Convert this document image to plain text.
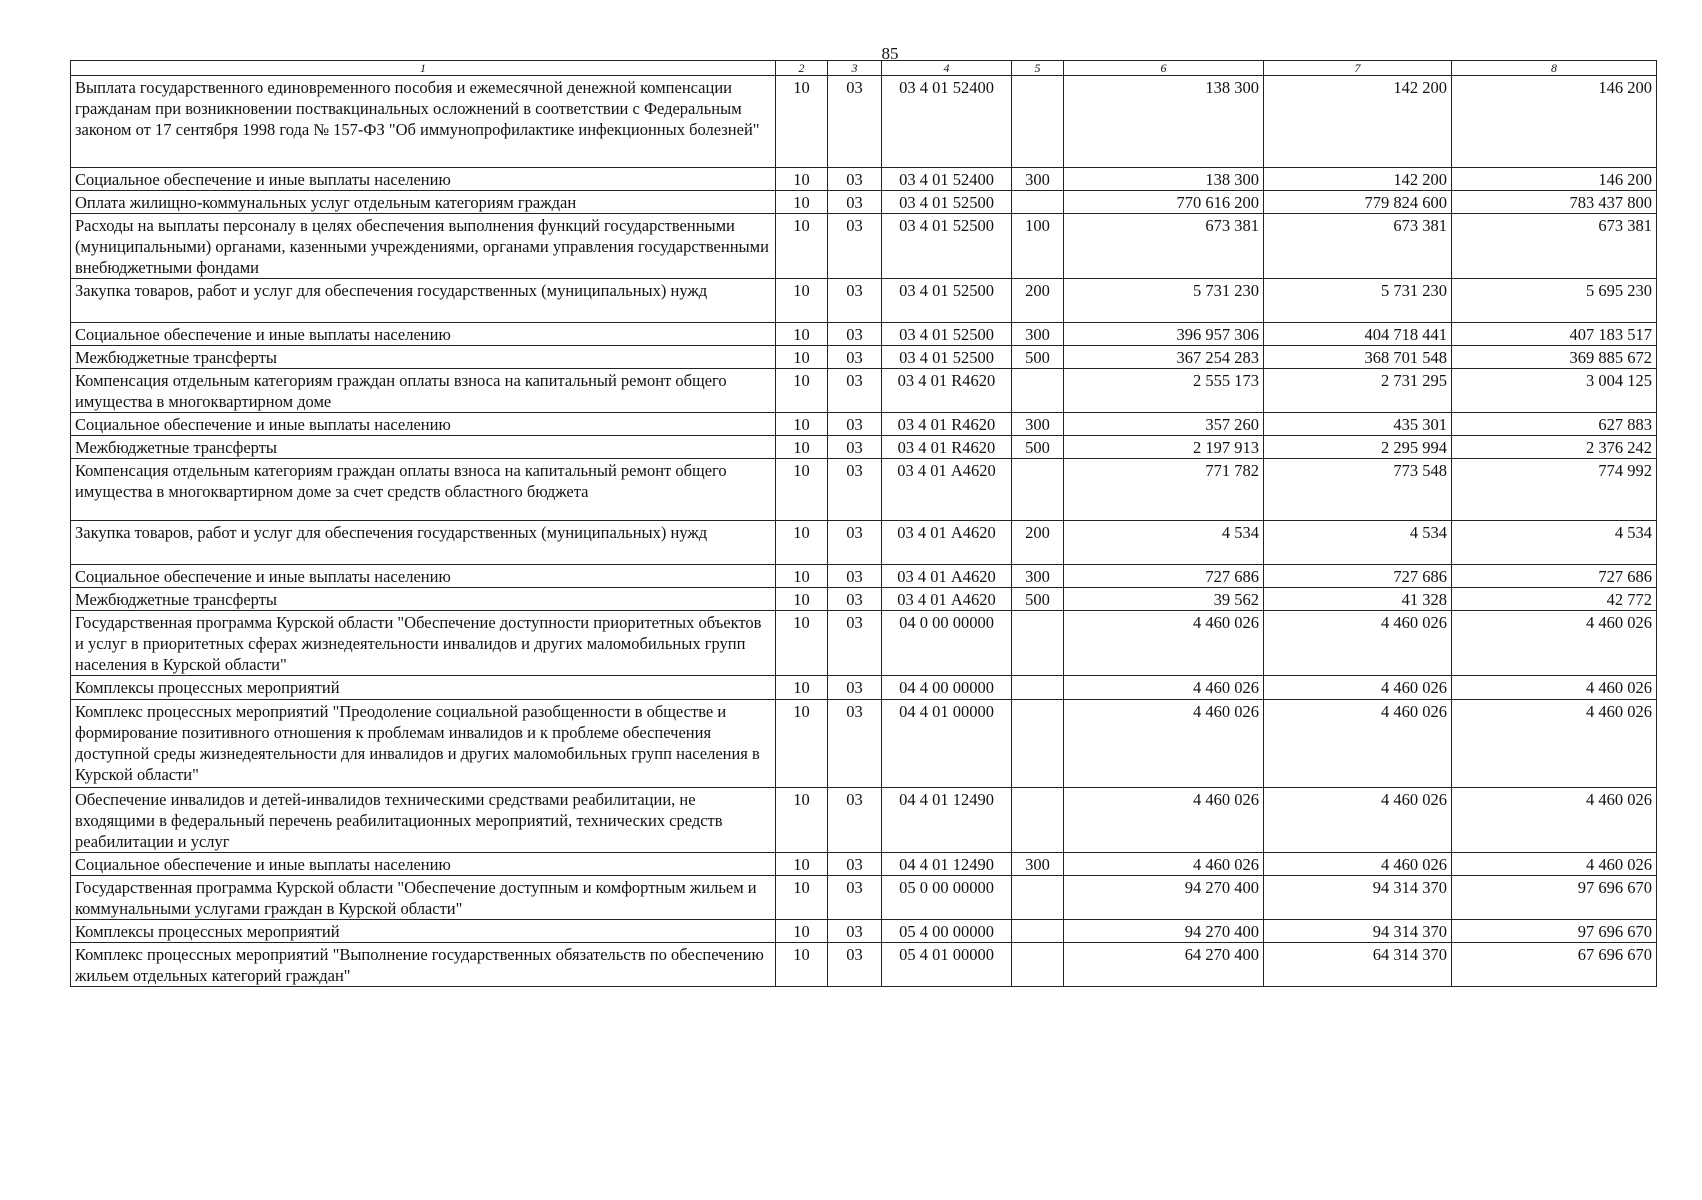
85
1	2	3	4	5	6	7	8
Выплата государственного единовременного пособия и ежемесячной денежной компенсации гражданам при возникновении поствакцинальных осложнений в соответствии с Федеральным законом от 17 сентября 1998 года № 157-ФЗ "Об иммунопрофилактике инфекционных болезней"	10	03	03 4 01 52400		138 300	142 200	146 200
Социальное обеспечение и иные выплаты населению	10	03	03 4 01 52400	300	138 300	142 200	146 200
Оплата жилищно-коммунальных услуг отдельным категориям граждан	10	03	03 4 01 52500		770 616 200	779 824 600	783 437 800
Расходы на выплаты персоналу в целях обеспечения выполнения функций государственными (муниципальными) органами, казенными учреждениями, органами управления государственными внебюджетными фондами	10	03	03 4 01 52500	100	673 381	673 381	673 381
Закупка товаров, работ и услуг для обеспечения государственных (муниципальных) нужд	10	03	03 4 01 52500	200	5 731 230	5 731 230	5 695 230
Социальное обеспечение и иные выплаты населению	10	03	03 4 01 52500	300	396 957 306	404 718 441	407 183 517
Межбюджетные трансферты	10	03	03 4 01 52500	500	367 254 283	368 701 548	369 885 672
Компенсация отдельным категориям граждан оплаты взноса на капитальный ремонт общего имущества в многоквартирном доме	10	03	03 4 01 R4620		2 555 173	2 731 295	3 004 125
Социальное обеспечение и иные выплаты населению	10	03	03 4 01 R4620	300	357 260	435 301	627 883
Межбюджетные трансферты	10	03	03 4 01 R4620	500	2 197 913	2 295 994	2 376 242
Компенсация отдельным категориям граждан оплаты взноса на капитальный ремонт общего имущества в многоквартирном доме за счет средств областного бюджета	10	03	03 4 01 А4620		771 782	773 548	774 992
Закупка товаров, работ и услуг для обеспечения государственных (муниципальных) нужд	10	03	03 4 01 А4620	200	4 534	4 534	4 534
Социальное обеспечение и иные выплаты населению	10	03	03 4 01 А4620	300	727 686	727 686	727 686
Межбюджетные трансферты	10	03	03 4 01 А4620	500	39 562	41 328	42 772
Государственная программа Курской области "Обеспечение доступности приоритетных объектов и услуг в приоритетных сферах жизнедеятельности инвалидов и других маломобильных групп населения в Курской области"	10	03	04 0 00 00000		4 460 026	4 460 026	4 460 026
Комплексы процессных мероприятий	10	03	04 4 00 00000		4 460 026	4 460 026	4 460 026
Комплекс процессных мероприятий "Преодоление социальной разобщенности в обществе и формирование позитивного отношения к проблемам инвалидов и к проблеме обеспечения доступной среды жизнедеятельности для инвалидов и других маломобильных групп населения в Курской области"	10	03	04 4 01 00000		4 460 026	4 460 026	4 460 026
Обеспечение инвалидов и детей-инвалидов техническими средствами реабилитации, не входящими в федеральный перечень реабилитационных мероприятий, технических средств реабилитации и услуг	10	03	04 4 01 12490		4 460 026	4 460 026	4 460 026
Социальное обеспечение и иные выплаты населению	10	03	04 4 01 12490	300	4 460 026	4 460 026	4 460 026
Государственная программа Курской области "Обеспечение доступным и комфортным жильем и коммунальными услугами граждан в Курской области"	10	03	05 0 00 00000		94 270 400	94 314 370	97 696 670
Комплексы процессных мероприятий	10	03	05 4 00 00000		94 270 400	94 314 370	97 696 670
Комплекс процессных мероприятий "Выполнение государственных обязательств по обеспечению жильем отдельных категорий граждан"	10	03	05 4 01 00000		64 270 400	64 314 370	67 696 670
